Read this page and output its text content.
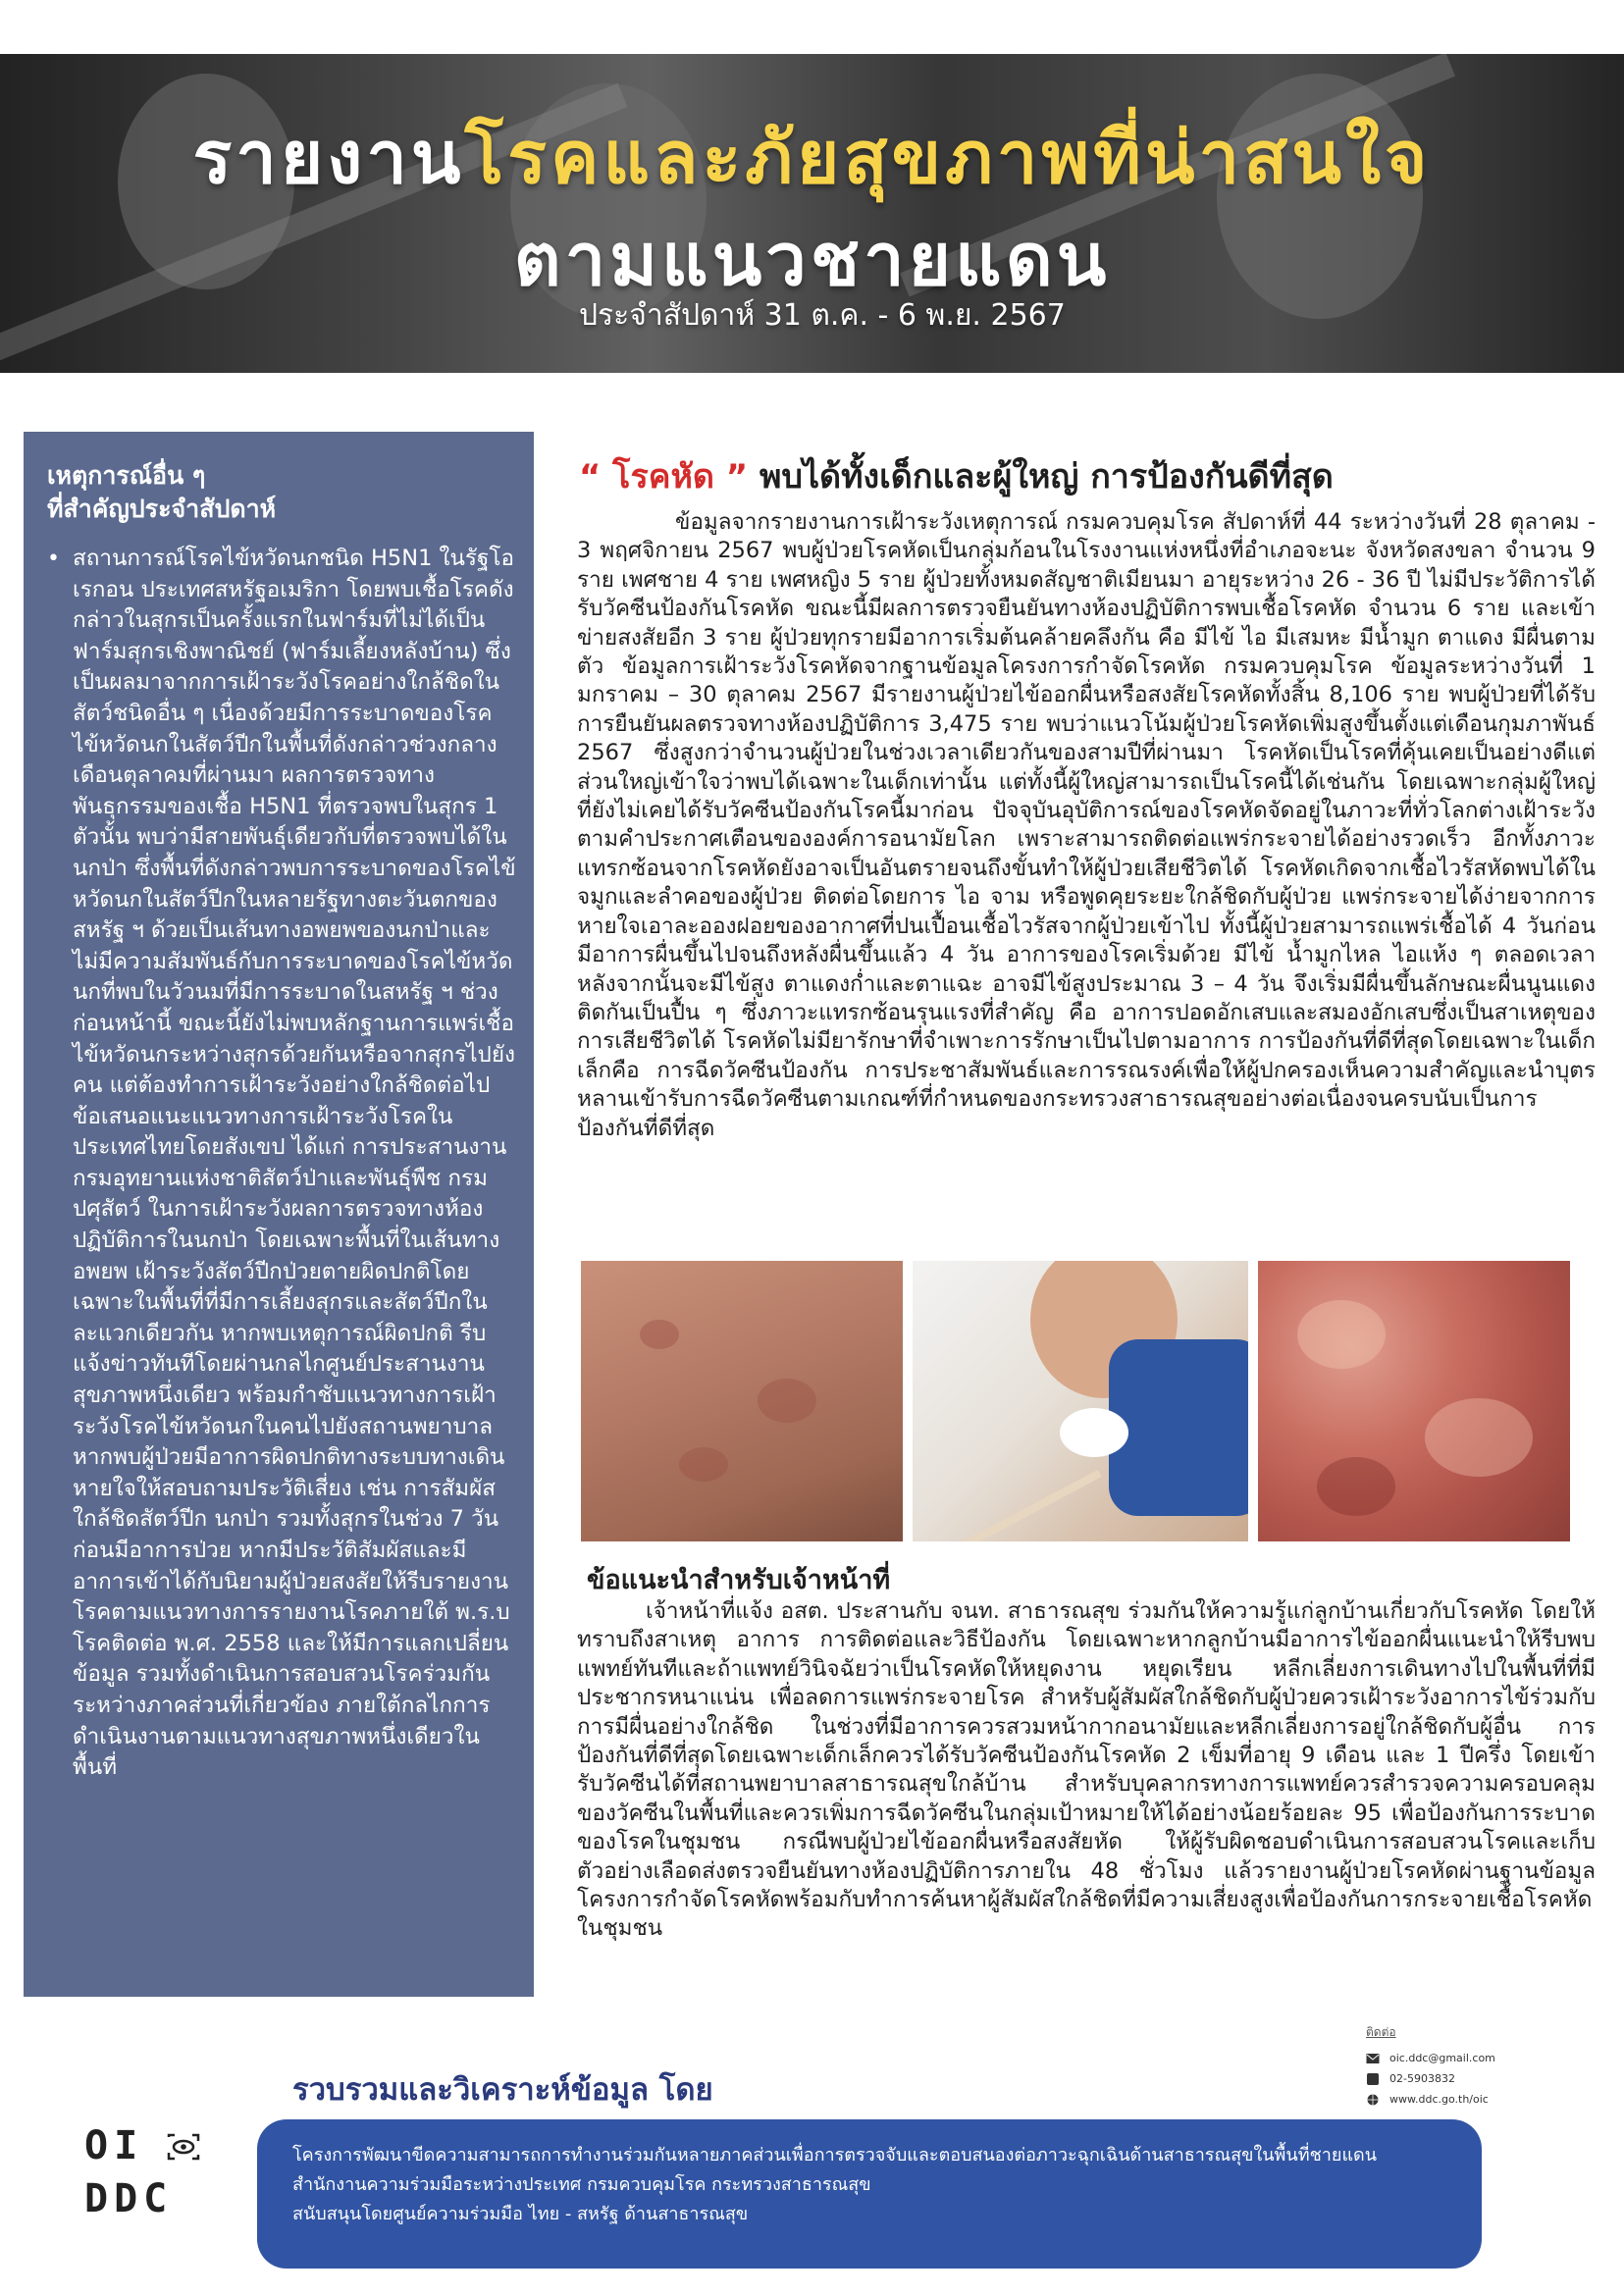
รายงานโรคและภัยสุขภาพที่น่าสนใจ
ตามแนวชายแดน
ประจำสัปดาห์ 31 ต.ค. - 6 พ.ย. 2567
เหตุการณ์อื่น ๆ
ที่สำคัญประจำสัปดาห์
• สถานการณ์โรคไข้หวัดนกชนิด H5N1 ในรัฐโอเรกอน ประเทศสหรัฐอเมริกา โดยพบเชื้อโรคดังกล่าวในสุกรเป็นครั้งแรกในฟาร์มที่ไม่ได้เป็นฟาร์มสุกรเชิงพาณิชย์ (ฟาร์มเลี้ยงหลังบ้าน) ซึ่งเป็นผลมาจากการเฝ้าระวังโรคอย่างใกล้ชิดในสัตว์ชนิดอื่น ๆ เนื่องด้วยมีการระบาดของโรคไข้หวัดนกในสัตว์ปีกในพื้นที่ดังกล่าวช่วงกลางเดือนตุลาคมที่ผ่านมา ผลการตรวจทางพันธุกรรมของเชื้อ H5N1 ที่ตรวจพบในสุกร 1 ตัวนั้น พบว่ามีสายพันธุ์เดียวกับที่ตรวจพบได้ในนกป่า ซึ่งพื้นที่ดังกล่าวพบการระบาดของโรคไข้หวัดนกในสัตว์ปีกในหลายรัฐทางตะวันตกของสหรัฐ ฯ ด้วยเป็นเส้นทางอพยพของนกป่าและไม่มีความสัมพันธ์กับการระบาดของโรคไข้หวัดนกที่พบในวัวนมที่มีการระบาดในสหรัฐ ฯ ช่วงก่อนหน้านี้ ขณะนี้ยังไม่พบหลักฐานการแพร่เชื้อไข้หวัดนกระหว่างสุกรด้วยกันหรือจากสุกรไปยังคน แต่ต้องทำการเฝ้าระวังอย่างใกล้ชิดต่อไป ข้อเสนอแนะแนวทางการเฝ้าระวังโรคในประเทศไทยโดยสังเขป ได้แก่ การประสานงานกรมอุทยานแห่งชาติสัตว์ป่าและพันธุ์พืช กรมปศุสัตว์ ในการเฝ้าระวังผลการตรวจทางห้องปฏิบัติการในนกป่า โดยเฉพาะพื้นที่ในเส้นทางอพยพ เฝ้าระวังสัตว์ปีกป่วยตายผิดปกติโดยเฉพาะในพื้นที่ที่มีการเลี้ยงสุกรและสัตว์ปีกในละแวกเดียวกัน หากพบเหตุการณ์ผิดปกติ รีบแจ้งข่าวทันทีโดยผ่านกลไกศูนย์ประสานงานสุขภาพหนึ่งเดียว พร้อมกำชับแนวทางการเฝ้าระวังโรคไข้หวัดนกในคนไปยังสถานพยาบาล หากพบผู้ป่วยมีอาการผิดปกติทางระบบทางเดินหายใจให้สอบถามประวัติเสี่ยง เช่น การสัมผัสใกล้ชิดสัตว์ปีก นกป่า รวมทั้งสุกรในช่วง 7 วัน ก่อนมีอาการป่วย หากมีประวัติสัมผัสและมีอาการเข้าได้กับนิยามผู้ป่วยสงสัยให้รีบรายงานโรคตามแนวทางการรายงานโรคภายใต้ พ.ร.บ โรคติดต่อ พ.ศ. 2558 และให้มีการแลกเปลี่ยนข้อมูล รวมทั้งดำเนินการสอบสวนโรคร่วมกันระหว่างภาคส่วนที่เกี่ยวข้อง ภายใต้กลไกการดำเนินงานตามแนวทางสุขภาพหนึ่งเดียวในพื้นที่

“ โรคหัด ” พบได้ทั้งเด็กและผู้ใหญ่ การป้องกันดีที่สุด

ข้อมูลจากรายงานการเฝ้าระวังเหตุการณ์ กรมควบคุมโรค สัปดาห์ที่ 44 ระหว่างวันที่ 28 ตุลาคม - 3 พฤศจิกายน 2567 พบผู้ป่วยโรคหัดเป็นกลุ่มก้อนในโรงงานแห่งหนึ่งที่อำเภอจะนะ จังหวัดสงขลา จำนวน 9 ราย เพศชาย 4 ราย เพศหญิง 5 ราย ผู้ป่วยทั้งหมดสัญชาติเมียนมา อายุระหว่าง 26 - 36 ปี ไม่มีประวัติการได้รับวัคซีนป้องกันโรคหัด ขณะนี้มีผลการตรวจยืนยันทางห้องปฏิบัติการพบเชื้อโรคหัด จำนวน 6 ราย และเข้าข่ายสงสัยอีก 3 ราย ผู้ป่วยทุกรายมีอาการเริ่มต้นคล้ายคลึงกัน คือ มีไข้ ไอ มีเสมหะ มีน้ำมูก ตาแดง มีผื่นตามตัว ข้อมูลการเฝ้าระวังโรคหัดจากฐานข้อมูลโครงการกำจัดโรคหัด กรมควบคุมโรค ข้อมูลระหว่างวันที่ 1 มกราคม – 30 ตุลาคม 2567 มีรายงานผู้ป่วยไข้ออกผื่นหรือสงสัยโรคหัดทั้งสิ้น 8,106 ราย พบผู้ป่วยที่ได้รับการยืนยันผลตรวจทางห้องปฏิบัติการ 3,475 ราย พบว่าแนวโน้มผู้ป่วยโรคหัดเพิ่มสูงขึ้นตั้งแต่เดือนกุมภาพันธ์ 2567 ซึ่งสูงกว่าจำนวนผู้ป่วยในช่วงเวลาเดียวกันของสามปีที่ผ่านมา โรคหัดเป็นโรคที่คุ้นเคยเป็นอย่างดีแต่ส่วนใหญ่เข้าใจว่าพบได้เฉพาะในเด็กเท่านั้น แต่ทั้งนี้ผู้ใหญ่สามารถเป็นโรคนี้ได้เช่นกัน โดยเฉพาะกลุ่มผู้ใหญ่ที่ยังไม่เคยได้รับวัคซีนป้องกันโรคนี้มาก่อน ปัจจุบันอุบัติการณ์ของโรคหัดจัดอยู่ในภาวะที่ทั่วโลกต่างเฝ้าระวัง ตามคำประกาศเตือนขององค์การอนามัยโลก เพราะสามารถติดต่อแพร่กระจายได้อย่างรวดเร็ว อีกทั้งภาวะแทรกซ้อนจากโรคหัดยังอาจเป็นอันตรายจนถึงขั้นทำให้ผู้ป่วยเสียชีวิตได้ โรคหัดเกิดจากเชื้อไวรัสหัดพบได้ในจมูกและลำคอของผู้ป่วย ติดต่อโดยการ ไอ จาม หรือพูดคุยระยะใกล้ชิดกับผู้ป่วย แพร่กระจายได้ง่ายจากการหายใจเอาละอองฝอยของอากาศที่ปนเปื้อนเชื้อไวรัสจากผู้ป่วยเข้าไป ทั้งนี้ผู้ป่วยสามารถแพร่เชื้อได้ 4 วันก่อนมีอาการผื่นขึ้นไปจนถึงหลังผื่นขึ้นแล้ว 4 วัน อาการของโรคเริ่มด้วย มีไข้ น้ำมูกไหล ไอแห้ง ๆ ตลอดเวลา หลังจากนั้นจะมีไข้สูง ตาแดงก่ำและตาแฉะ อาจมีไข้สูงประมาณ 3 – 4 วัน จึงเริ่มมีผื่นขึ้นลักษณะผื่นนูนแดงติดกันเป็นปื้น ๆ ซึ่งภาวะแทรกซ้อนรุนแรงที่สำคัญ คือ อาการปอดอักเสบและสมองอักเสบซึ่งเป็นสาเหตุของการเสียชีวิตได้ โรคหัดไม่มียารักษาที่จำเพาะการรักษาเป็นไปตามอาการ การป้องกันที่ดีที่สุดโดยเฉพาะในเด็กเล็กคือ การฉีดวัคซีนป้องกัน การประชาสัมพันธ์และการรณรงค์เพื่อให้ผู้ปกครองเห็นความสำคัญและนำบุตรหลานเข้ารับการฉีดวัคซีนตามเกณฑ์ที่กำหนดของกระทรวงสาธารณสุขอย่างต่อเนื่องจนครบนับเป็นการป้องกันที่ดีที่สุด

ข้อแนะนำสำหรับเจ้าหน้าที่

เจ้าหน้าที่แจ้ง อสต. ประสานกับ จนท. สาธารณสุข ร่วมกันให้ความรู้แก่ลูกบ้านเกี่ยวกับโรคหัด โดยให้ทราบถึงสาเหตุ อาการ การติดต่อและวิธีป้องกัน โดยเฉพาะหากลูกบ้านมีอาการไข้ออกผื่นแนะนำให้รีบพบแพทย์ทันทีและถ้าแพทย์วินิจฉัยว่าเป็นโรคหัดให้หยุดงาน หยุดเรียน หลีกเลี่ยงการเดินทางไปในพื้นที่ที่มีประชากรหนาแน่น เพื่อลดการแพร่กระจายโรค สำหรับผู้สัมผัสใกล้ชิดกับผู้ป่วยควรเฝ้าระวังอาการไข้ร่วมกับการมีผื่นอย่างใกล้ชิด ในช่วงที่มีอาการควรสวมหน้ากากอนามัยและหลีกเลี่ยงการอยู่ใกล้ชิดกับผู้อื่น การป้องกันที่ดีที่สุดโดยเฉพาะเด็กเล็กควรได้รับวัคซีนป้องกันโรคหัด 2 เข็มที่อายุ 9 เดือน และ 1 ปีครึ่ง โดยเข้ารับวัคซีนได้ที่สถานพยาบาลสาธารณสุขใกล้บ้าน สำหรับบุคลากรทางการแพทย์ควรสำรวจความครอบคลุมของวัคซีนในพื้นที่และควรเพิ่มการฉีดวัคซีนในกลุ่มเป้าหมายให้ได้อย่างน้อยร้อยละ 95 เพื่อป้องกันการระบาดของโรคในชุมชน กรณีพบผู้ป่วยไข้ออกผื่นหรือสงสัยหัด ให้ผู้รับผิดชอบดำเนินการสอบสวนโรคและเก็บตัวอย่างเลือดส่งตรวจยืนยันทางห้องปฏิบัติการภายใน 48 ชั่วโมง แล้วรายงานผู้ป่วยโรคหัดผ่านฐานข้อมูลโครงการกำจัดโรคหัดพร้อมกับทำการค้นหาผู้สัมผัสใกล้ชิดที่มีความเสี่ยงสูงเพื่อป้องกันการกระจายเชื้อโรคหัดในชุมชน

รวบรวมและวิเคราะห์ข้อมูล โดย
OI
DDC
ติดต่อ
oic.ddc@gmail.com
02-5903832
www.ddc.go.th/oic
โครงการพัฒนาขีดความสามารถการทำงานร่วมกันหลายภาคส่วนเพื่อการตรวจจับและตอบสนองต่อภาวะฉุกเฉินด้านสาธารณสุขในพื้นที่ชายแดน
สำนักงานความร่วมมือระหว่างประเทศ กรมควบคุมโรค กระทรวงสาธารณสุข
สนับสนุนโดยศูนย์ความร่วมมือ ไทย - สหรัฐ ด้านสาธารณสุข
